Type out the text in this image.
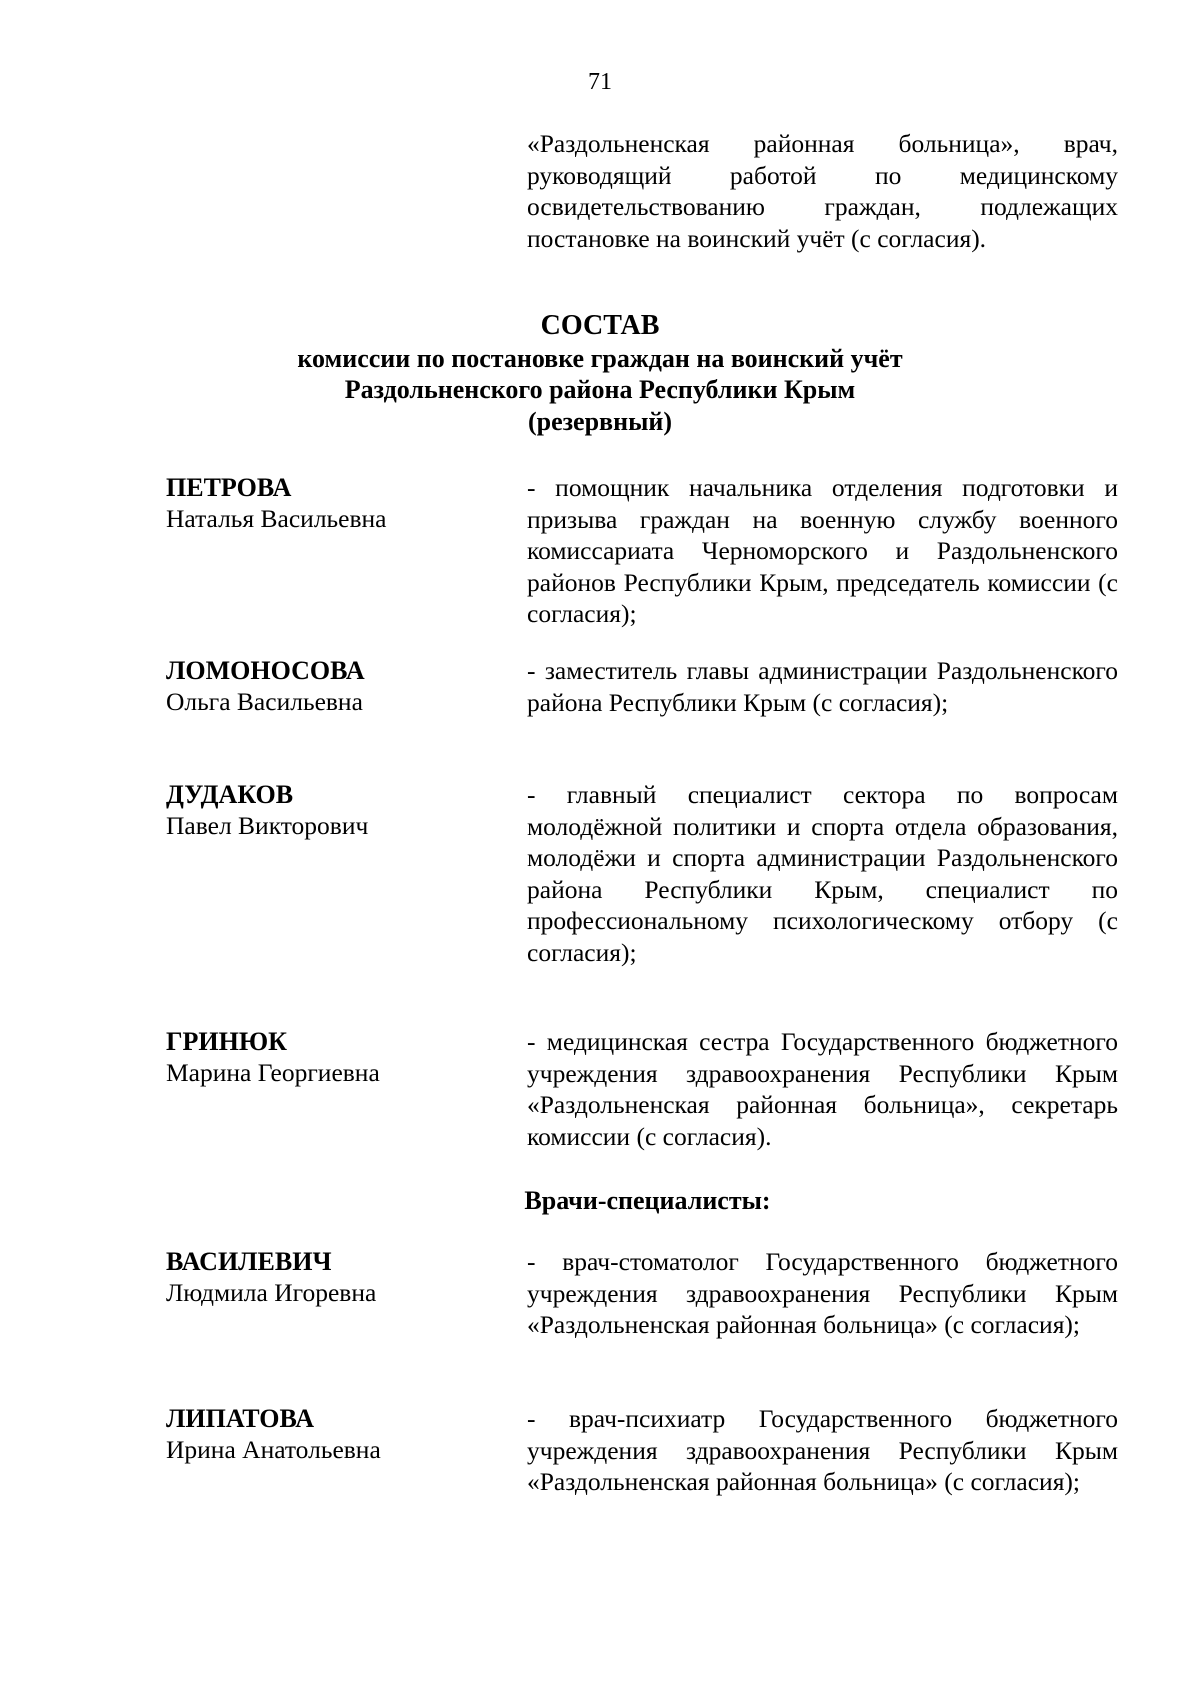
71
«Раздольненская районная больница», врач, руководящий работой по медицинскому освидетельствованию граждан, подлежащих постановке на воинский учёт (с согласия).
СОСТАВ
комиссии по постановке граждан на воинский учёт
Раздольненского района Республики Крым
(резервный)
ПЕТРОВА
Наталья Васильевна
- помощник начальника отделения подготовки и призыва граждан на военную службу военного комиссариата Черноморского и Раздольненского районов Республики Крым, председатель комиссии (с согласия);
ЛОМОНОСОВА
Ольга Васильевна
- заместитель главы администрации Раздольненского района Республики Крым (с согласия);
ДУДАКОВ
Павел Викторович
- главный специалист сектора по вопросам молодёжной политики и спорта отдела образования, молодёжи и спорта администрации Раздольненского района Республики Крым, специалист по профессиональному психологическому отбору (с согласия);
ГРИНЮК
Марина Георгиевна
- медицинская сестра Государственного бюджетного учреждения здравоохранения Республики Крым «Раздольненская районная больница», секретарь комиссии (с согласия).
Врачи-специалисты:
ВАСИЛЕВИЧ
Людмила Игоревна
- врач-стоматолог Государственного бюджетного учреждения здравоохранения Республики Крым «Раздольненская районная больница» (с согласия);
ЛИПАТОВА
Ирина Анатольевна
- врач-психиатр Государственного бюджетного учреждения здравоохранения Республики Крым «Раздольненская районная больница» (с согласия);
